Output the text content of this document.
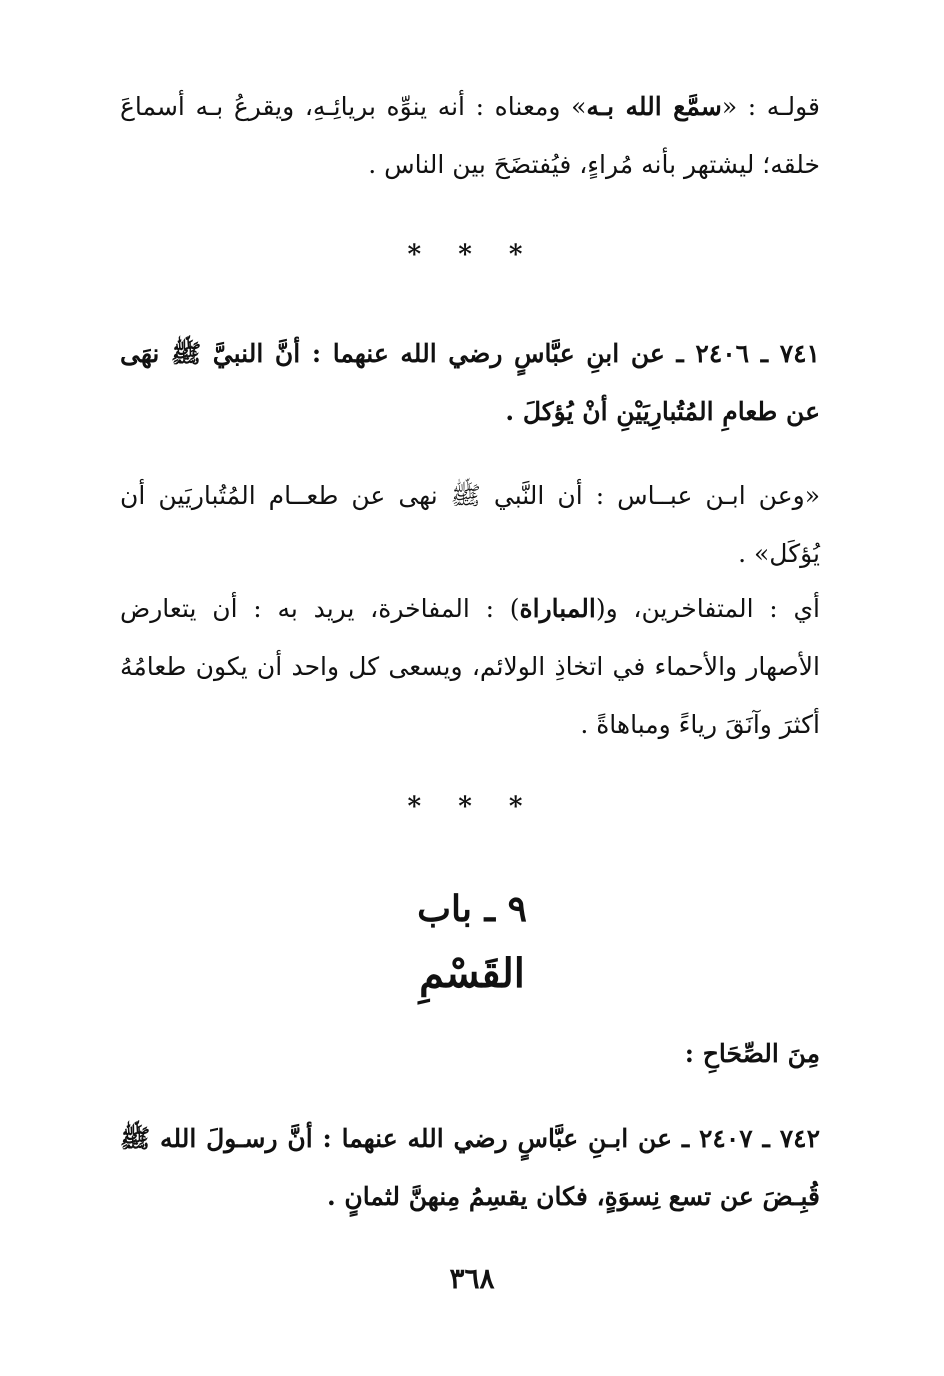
قولـه : «سمَّع الله بـه» ومعناه : أنه ينوِّه بريائِـهِ، ويقرعُ بـه أسماعَ خلقه؛ ليشتهر بأنه مُراءٍ، فيُفتضَحَ بين الناس .

* * *

٧٤١ ـ ٢٤٠٦ ـ عن ابنِ عبَّاسٍ رضي الله عنهما : أنَّ النبيَّ ﷺ نهَى عن طعامِ المُتُبارِيَيْنِ أنْ يُؤكلَ .

«وعن ابـن عبــاس : أن النَّبي ﷺ نهى عن طعــام المُتُباريَين أن يُؤكَل» .

أي : المتفاخرين، و(المباراة) : المفاخرة، يريد به : أن يتعارض الأصهار والأحماء في اتخاذِ الولائم، ويسعى كل واحد أن يكون طعامُهُ أكثرَ وآنَقَ رياءً ومباهاةً .

* * *
٩ ـ باب
القَسْمِ

مِنَ الصِّحَاحِ :

٧٤٢ ـ ٢٤٠٧ ـ عن ابـنِ عبَّاسٍ رضي الله عنهما : أنَّ رسـولَ الله ﷺ قُبِـضَ عن تسع نِسوَةٍ، فكان يقسِمُ مِنهنَّ لثمانٍ .

٣٦٨
